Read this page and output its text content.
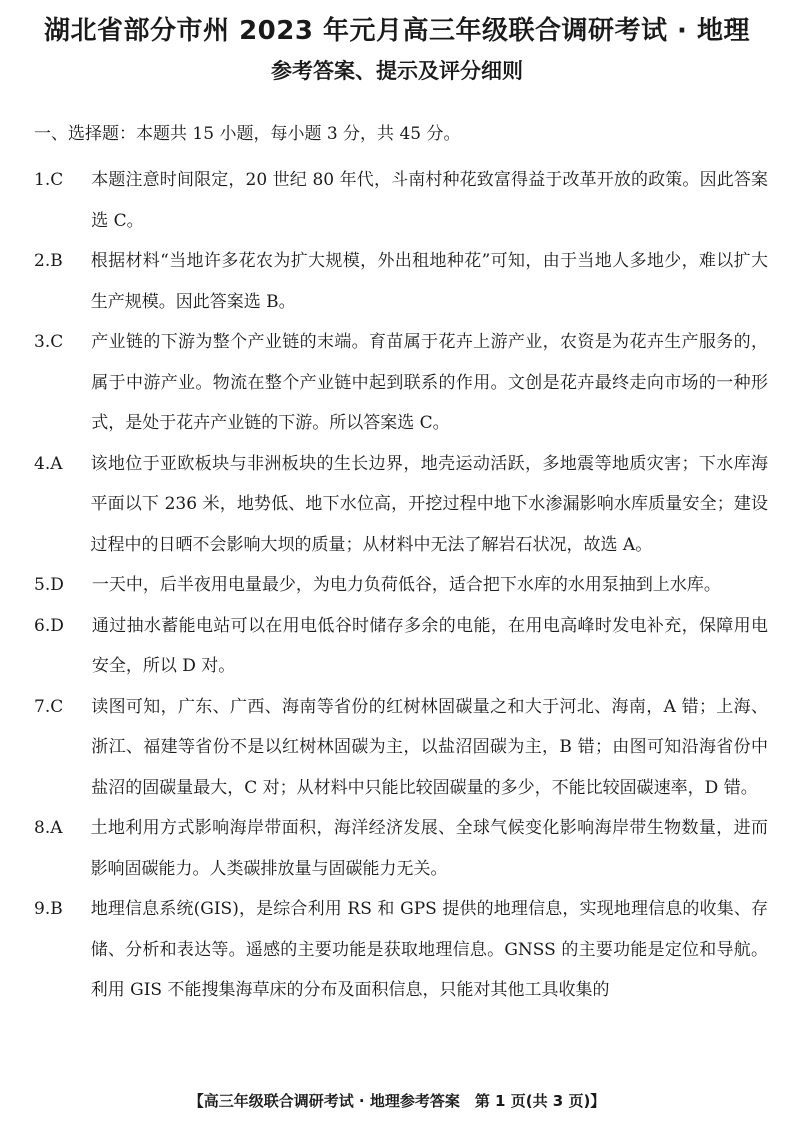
湖北省部分市州 2023 年元月高三年级联合调研考试 · 地理
参考答案、提示及评分细则
一、选择题：本题共 15 小题，每小题 3 分，共 45 分。
1. C 本题注意时间限定，20 世纪 80 年代，斗南村种花致富得益于改革开放的政策。因此答案选 C。
2. B 根据材料“当地许多花农为扩大规模，外出租地种花”可知，由于当地人多地少，难以扩大生产规模。因此答案选 B。
3. C 产业链的下游为整个产业链的末端。育苗属于花卉上游产业，农资是为花卉生产服务的，属于中游产业。物流在整个产业链中起到联系的作用。文创是花卉最终走向市场的一种形式，是处于花卉产业链的下游。所以答案选 C。
4. A 该地位于亚欧板块与非洲板块的生长边界，地壳运动活跃，多地震等地质灾害；下水库海平面以下 236 米，地势低、地下水位高，开挖过程中地下水渗漏影响水库质量安全；建设过程中的日晒不会影响大坝的质量；从材料中无法了解岩石状况，故选 A。
5. D 一天中，后半夜用电量最少，为电力负荷低谷，适合把下水库的水用泵抽到上水库。
6. D 通过抽水蓄能电站可以在用电低谷时储存多余的电能，在用电高峰时发电补充，保障用电安全，所以 D 对。
7. C 读图可知，广东、广西、海南等省份的红树林固碳量之和大于河北、海南，A 错；上海、浙江、福建等省份不是以红树林固碳为主，以盐沼固碳为主，B 错；由图可知沿海省份中盐沼的固碳量最大，C 对；从材料中只能比较固碳量的多少，不能比较固碳速率，D 错。
8. A 土地利用方式影响海岸带面积，海洋经济发展、全球气候变化影响海岸带生物数量，进而影响固碳能力。人类碳排放量与固碳能力无关。
9. B 地理信息系统(GIS)，是综合利用 RS 和 GPS 提供的地理信息，实现地理信息的收集、存储、分析和表达等。遥感的主要功能是获取地理信息。GNSS 的主要功能是定位和导航。利用 GIS 不能搜集海草床的分布及面积信息，只能对其他工具收集的
【高三年级联合调研考试 · 地理参考答案　第 1 页(共 3 页)】
